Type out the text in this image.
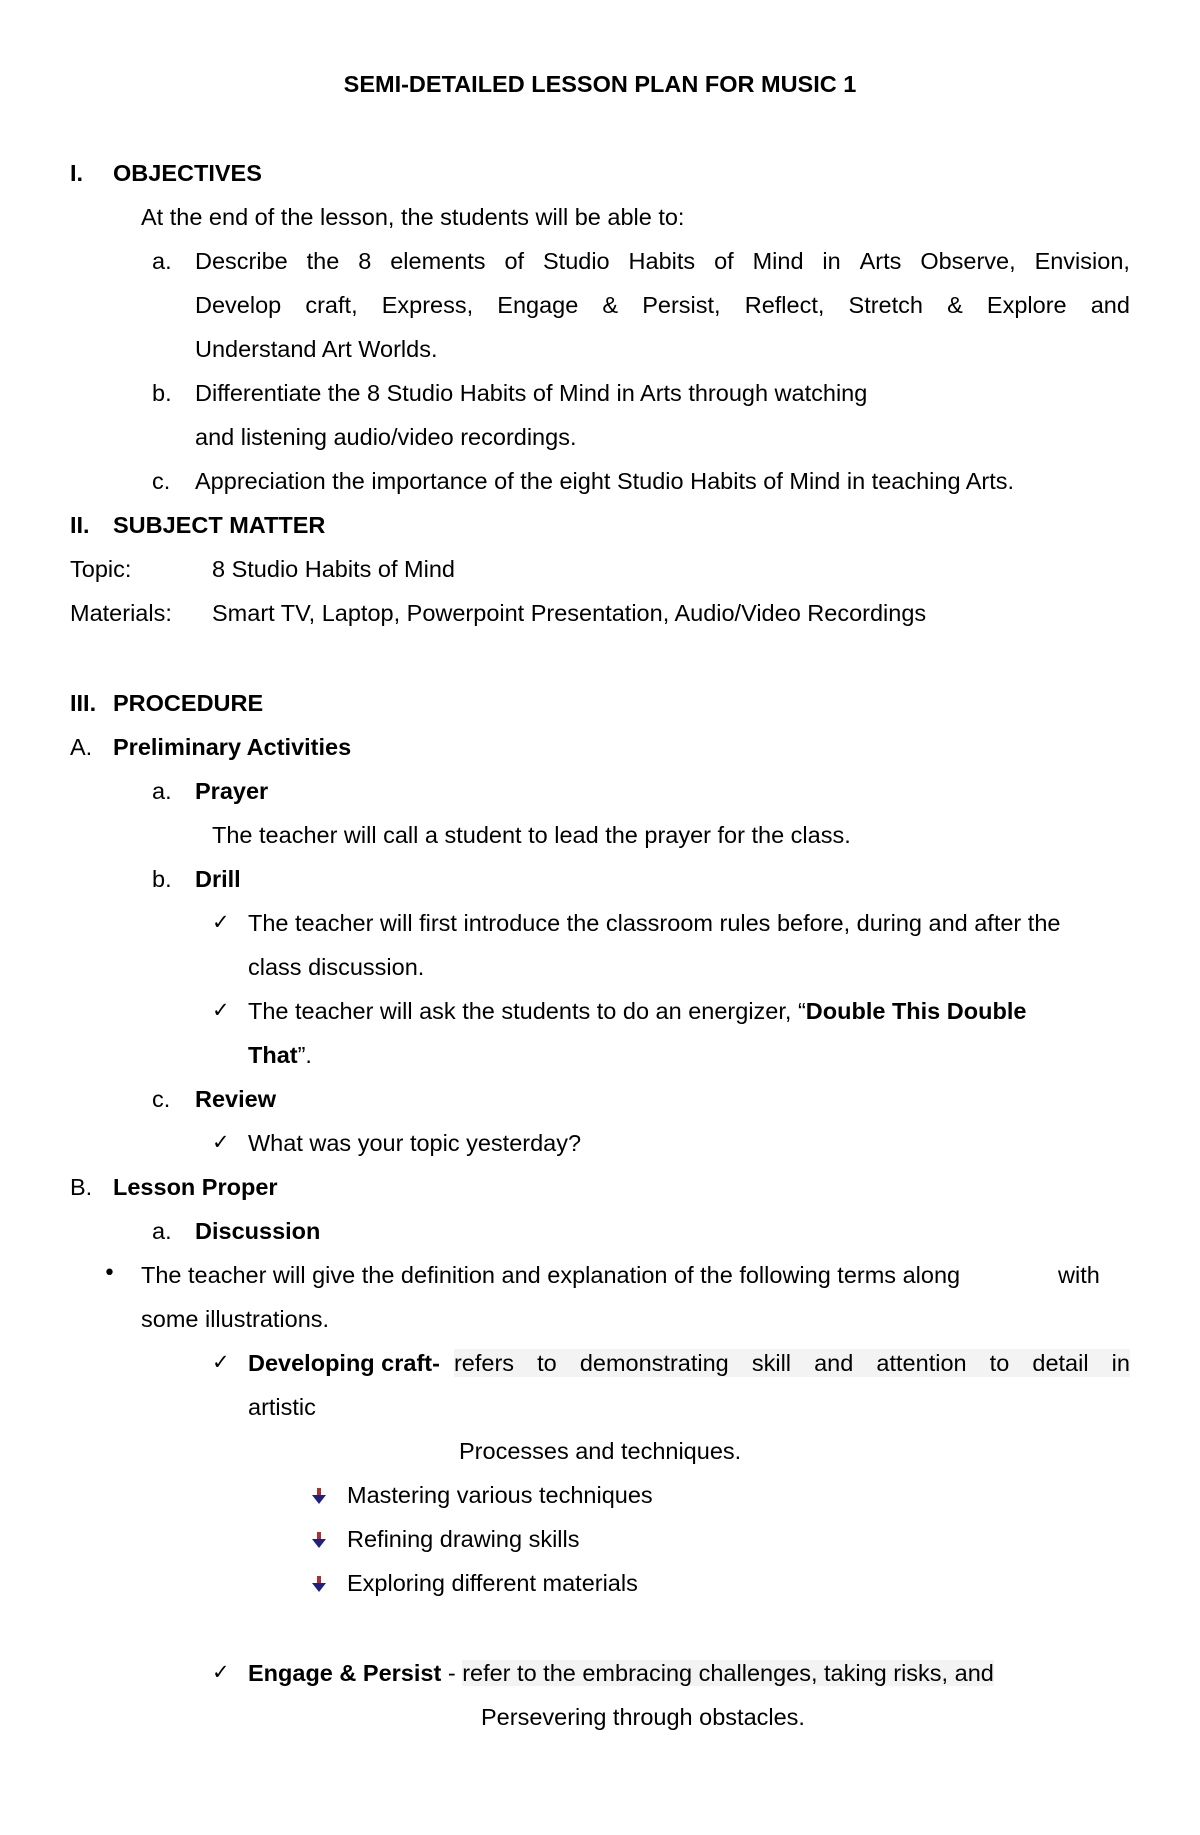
SEMI-DETAILED LESSON PLAN FOR MUSIC 1
I. OBJECTIVES
At the end of the lesson, the students will be able to:
a. Describe the 8 elements of Studio Habits of Mind in Arts Observe, Envision,
Develop craft, Express, Engage & Persist, Reflect, Stretch & Explore and
Understand Art Worlds.
b. Differentiate the 8 Studio Habits of Mind in Arts through watching
and listening audio/video recordings.
c. Appreciation the importance of the eight Studio Habits of Mind in teaching Arts.
II. SUBJECT MATTER
Topic:	8 Studio Habits of Mind
Materials: Smart TV, Laptop, Powerpoint Presentation, Audio/Video Recordings
III. PROCEDURE
A. Preliminary Activities
a. Prayer
The teacher will call a student to lead the prayer for the class.
b. Drill
✓ The teacher will first introduce the classroom rules before, during and after the
class discussion.
✓ The teacher will ask the students to do an energizer, “Double This Double
That”.
c. Review
✓ What was your topic yesterday?
B. Lesson Proper
a. Discussion
• The teacher will give the definition and explanation of the following terms along	with
some illustrations.
✓ Developing craft- refers to demonstrating skill and attention to detail in
artistic
Processes and techniques.
Mastering various techniques
Refining drawing skills
Exploring different materials
✓ Engage & Persist - refer to the embracing challenges, taking risks, and
Persevering through obstacles.
